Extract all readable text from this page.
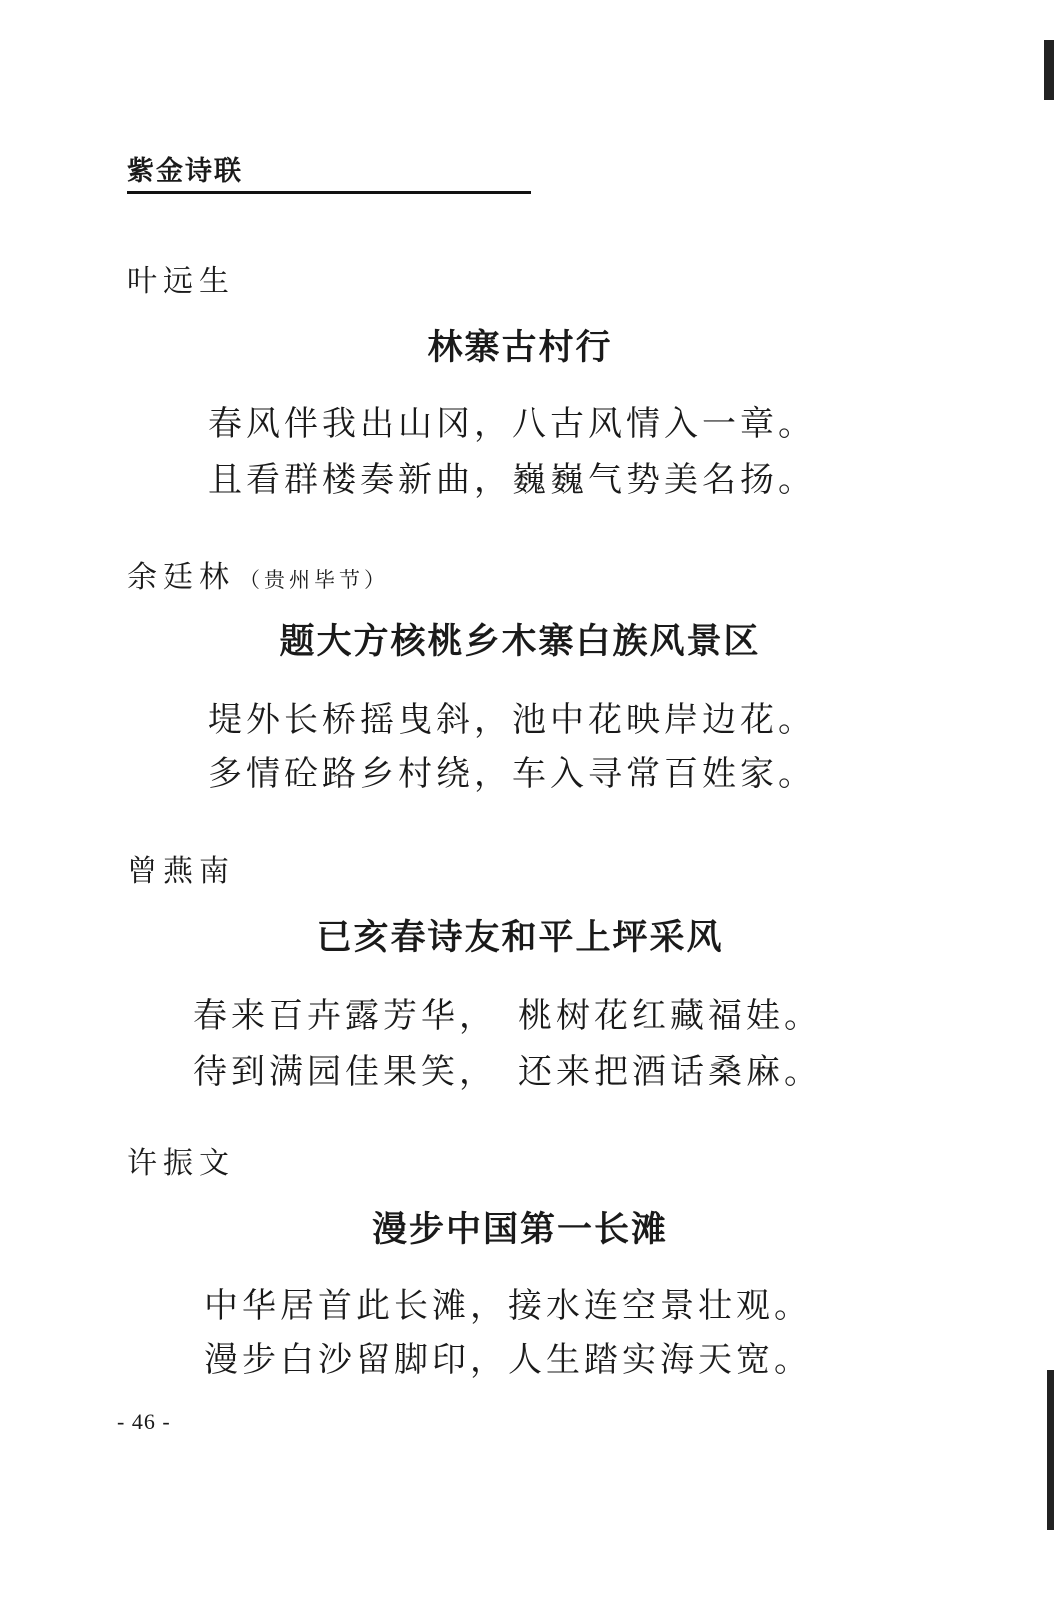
紫金诗联
叶远生
林寨古村行
春风伴我出山冈，八古风情入一章。
且看群楼奏新曲，巍巍气势美名扬。
余廷林 （贵州毕节）
题大方核桃乡木寨白族风景区
堤外长桥摇曳斜，池中花映岸边花。
多情砼路乡村绕，车入寻常百姓家。
曾燕南
已亥春诗友和平上坪采风
春来百卉露芳华，　桃树花红藏福娃。
待到满园佳果笑，　还来把酒话桑麻。
许振文
漫步中国第一长滩
中华居首此长滩，接水连空景壮观。
漫步白沙留脚印，人生踏实海天宽。
- 46 -
